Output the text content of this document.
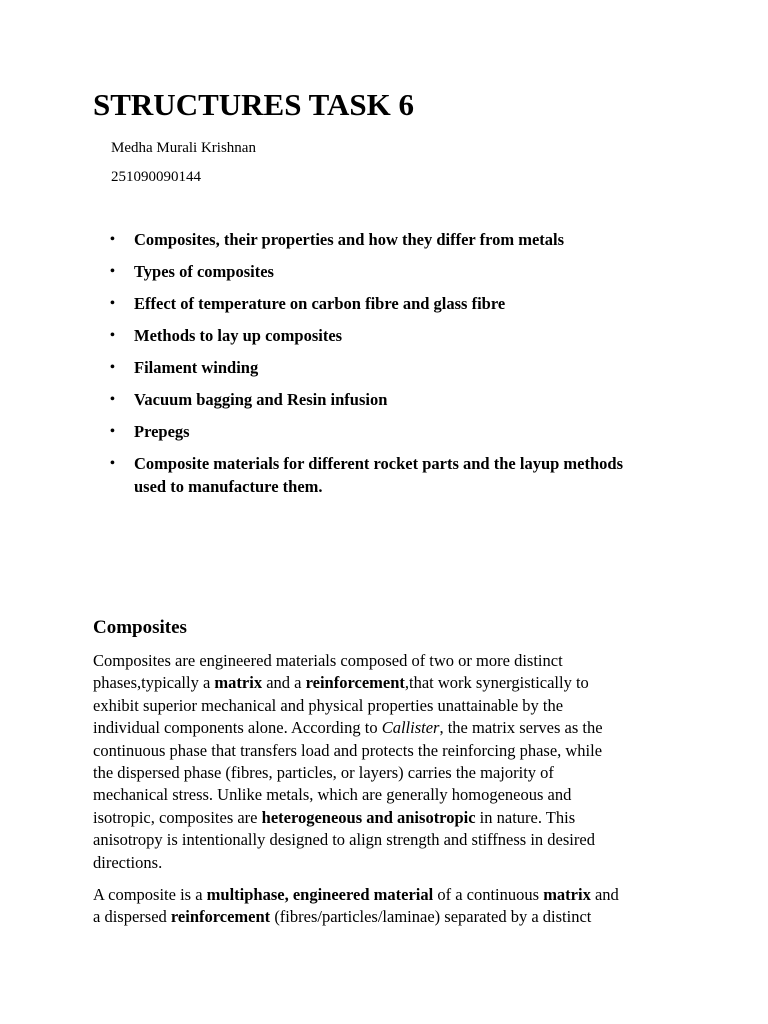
STRUCTURES TASK 6

Medha Murali Krishnan

251090090144

• Composites, their properties and how they differ from metals
• Types of composites
• Effect of temperature on carbon fibre and glass fibre
• Methods to lay up composites
• Filament winding
• Vacuum bagging and Resin infusion
• Prepegs
• Composite materials for different rocket parts and the layup methods
used to manufacture them.
Composites

Composites are engineered materials composed of two or more distinct
phases,typically a matrix and a reinforcement,that work synergistically to
exhibit superior mechanical and physical properties unattainable by the
individual components alone. According to Callister, the matrix serves as the
continuous phase that transfers load and protects the reinforcing phase, while
the dispersed phase (fibres, particles, or layers) carries the majority of
mechanical stress. Unlike metals, which are generally homogeneous and
isotropic, composites are heterogeneous and anisotropic in nature. This
anisotropy is intentionally designed to align strength and stiffness in desired
directions.

A composite is a multiphase, engineered material of a continuous matrix and
a dispersed reinforcement (fibres/particles/laminae) separated by a distinct
